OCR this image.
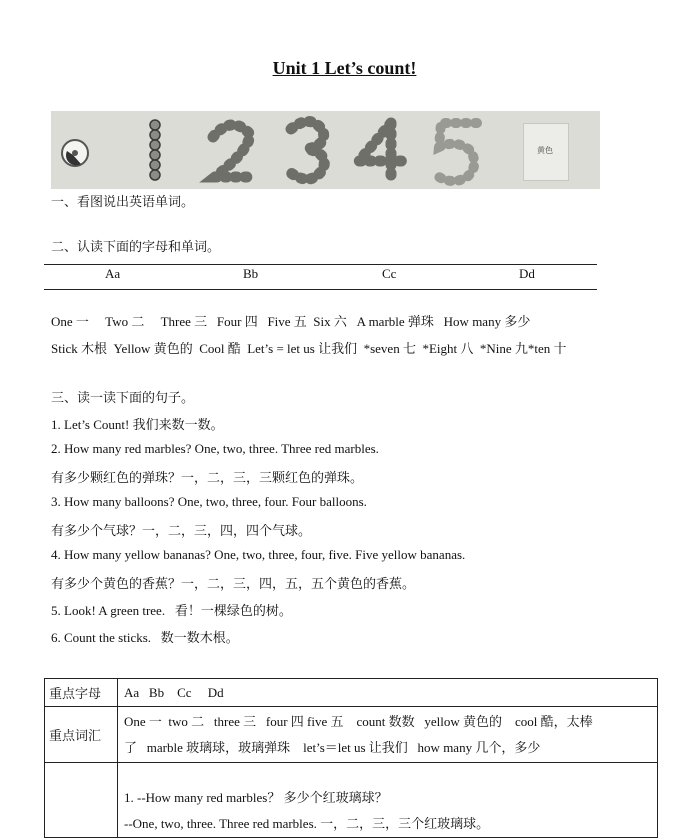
Unit 1 Let’s count!
黄色
一、看图说出英语单词。
二、认读下面的字母和单词。
Aa	Bb	Cc	Dd
One 一     Two 二     Three 三   Four 四   Five 五  Six 六   A marble 弹珠   How many 多少
Stick 木根  Yellow 黄色的  Cool 酷  Let’s = let us 让我们  *seven 七  *Eight 八  *Nine 九*ten 十
三、读一读下面的句子。
1. Let’s Count! 我们来数一数。
2. How many red marbles? One, two, three. Three red marbles.
有多少颗红色的弹珠？一，二，三，三颗红色的弹珠。
3. How many balloons? One, two, three, four. Four balloons.
有多少个气球？一，二，三，四，四个气球。
4. How many yellow bananas? One, two, three, four, five. Five yellow bananas.
有多少个黄色的香蕉？一，二，三，四，五，五个黄色的香蕉。
5. Look! A green tree.   看！一棵绿色的树。
6. Count the sticks.   数一数木根。
重点字母	Aa   Bb    Cc     Dd
重点词汇	One 一  two 二   three 三   four 四 five 五    count 数数   yellow 黄色的    cool 酷，太棒
了   marble 玻璃球，玻璃弹珠    let’s＝let us 让我们   how many 几个，多少

	1. --How many red marbles？ 多少个红玻璃球？
--One, two, three. Three red marbles. 一，二，三，三个红玻璃球。
